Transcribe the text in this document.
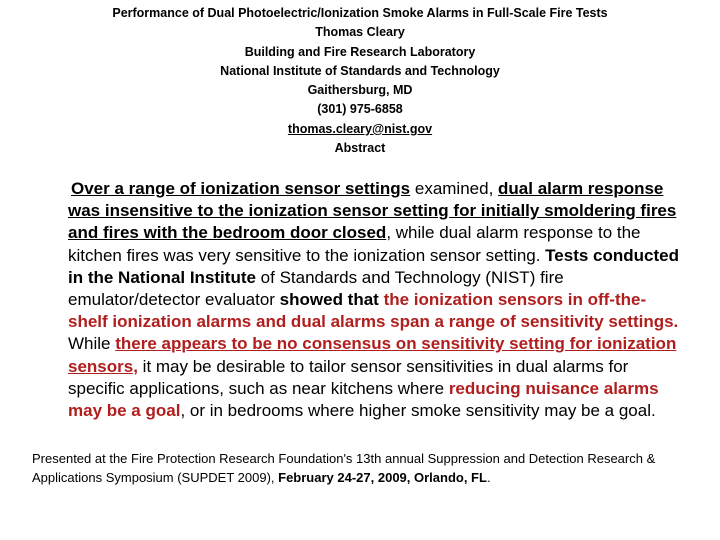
Performance of Dual Photoelectric/Ionization Smoke Alarms in Full-Scale Fire Tests
Thomas Cleary
Building and Fire Research Laboratory
National Institute of Standards and Technology
Gaithersburg, MD
(301) 975-6858
thomas.cleary@nist.gov
Abstract
Over a range of ionization sensor settings examined, dual alarm response was insensitive to the ionization sensor setting for initially smoldering fires and fires with the bedroom door closed, while dual alarm response to the kitchen fires was very sensitive to the ionization sensor setting. Tests conducted in the National Institute of Standards and Technology (NIST) fire emulator/detector evaluator showed that the ionization sensors in off-the-shelf ionization alarms and dual alarms span a range of sensitivity settings. While there appears to be no consensus on sensitivity setting for ionization sensors, it may be desirable to tailor sensor sensitivities in dual alarms for specific applications, such as near kitchens where reducing nuisance alarms may be a goal, or in bedrooms where higher smoke sensitivity may be a goal.
Presented at the Fire Protection Research Foundation's 13th annual Suppression and Detection Research & Applications Symposium (SUPDET 2009), February 24-27, 2009, Orlando, FL.
